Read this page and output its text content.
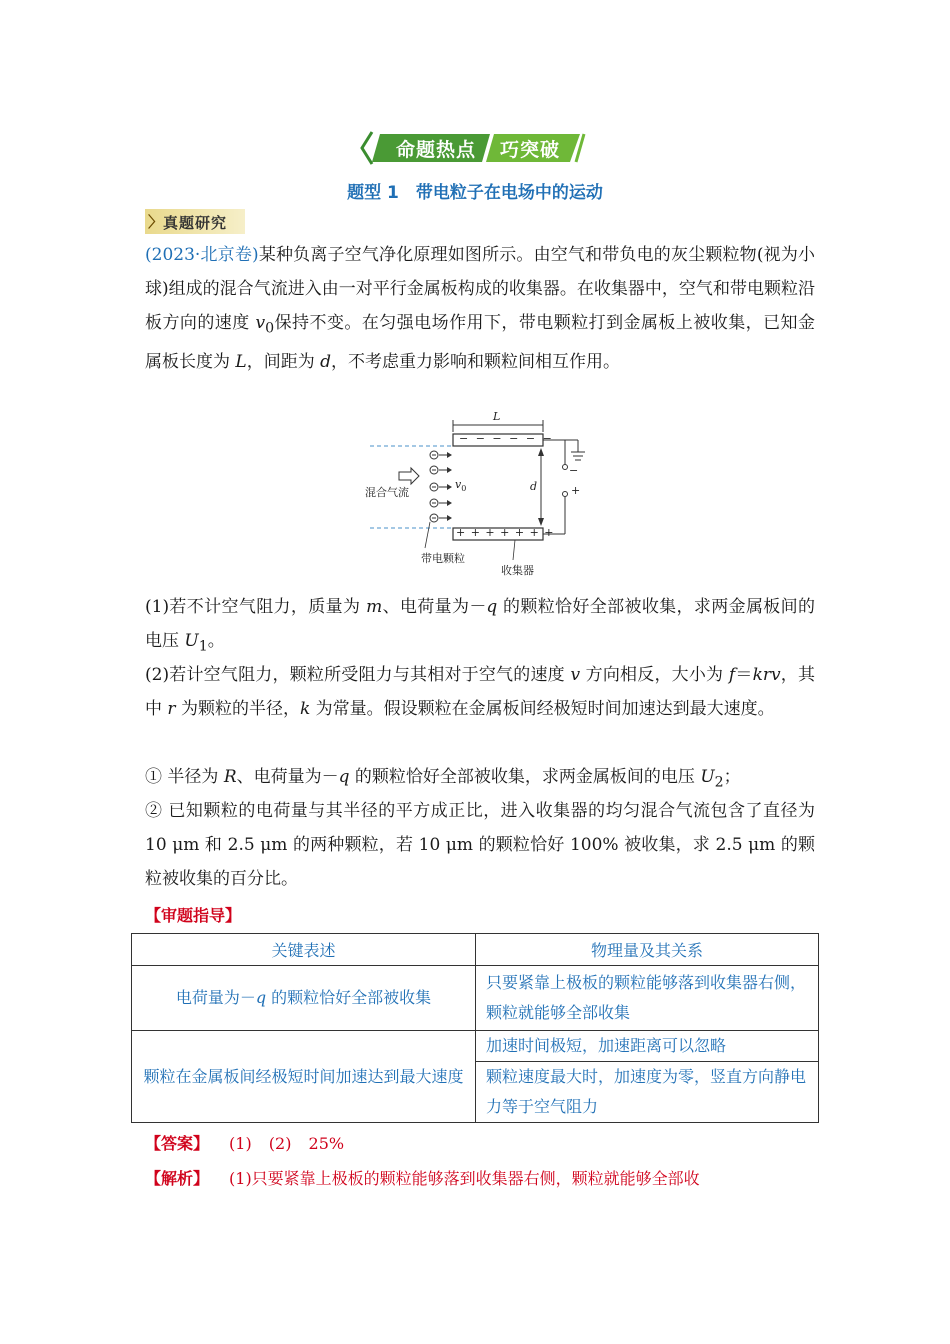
命题热点	巧突破
题型 1　带电粒子在电场中的运动
〉 真题研究
(2023·北京卷)某种负离子空气净化原理如图所示。由空气和带负电的灰尘颗粒物(视为小球)组成的混合气流进入由一对平行金属板构成的收集器。在收集器中，空气和带电颗粒沿板方向的速度 $v_0$保持不变。在匀强电场作用下，带电颗粒打到金属板上被收集，已知金属板长度为 L，间距为 d，不考虑重力影响和颗粒间相互作用。
L
− − − − − −
+ + + + + + +
d
−
+
$v_0$
混合气流
带电颗粒
收集器
(1)若不计空气阻力，质量为 m、电荷量为－q 的颗粒恰好全部被收集，求两金属板间的电压 $U_1$。
(2)若计空气阻力，颗粒所受阻力与其相对于空气的速度 v 方向相反，大小为 f＝krv，其中 r 为颗粒的半径，k 为常量。假设颗粒在金属板间经极短时间加速达到最大速度。
① 半径为 R、电荷量为－q 的颗粒恰好全部被收集，求两金属板间的电压 $U_2$；
② 已知颗粒的电荷量与其半径的平方成正比，进入收集器的均匀混合气流包含了直径为 10 μm 和 2.5 μm 的两种颗粒，若 10 μm 的颗粒恰好 100% 被收集，求 2.5 μm 的颗粒被收集的百分比。
【审题指导】
关键表述	物理量及其关系
电荷量为－q 的颗粒恰好全部被收集	只要紧靠上极板的颗粒能够落到收集器右侧，颗粒就能够全部收集
颗粒在金属板间经极短时间加速达到最大速度	加速时间极短，加速距离可以忽略
	颗粒速度最大时，加速度为零，竖直方向静电力等于空气阻力
【答案】 (1) (2) 25%
【解析】 (1)只要紧靠上极板的颗粒能够落到收集器右侧，颗粒就能够全部收
